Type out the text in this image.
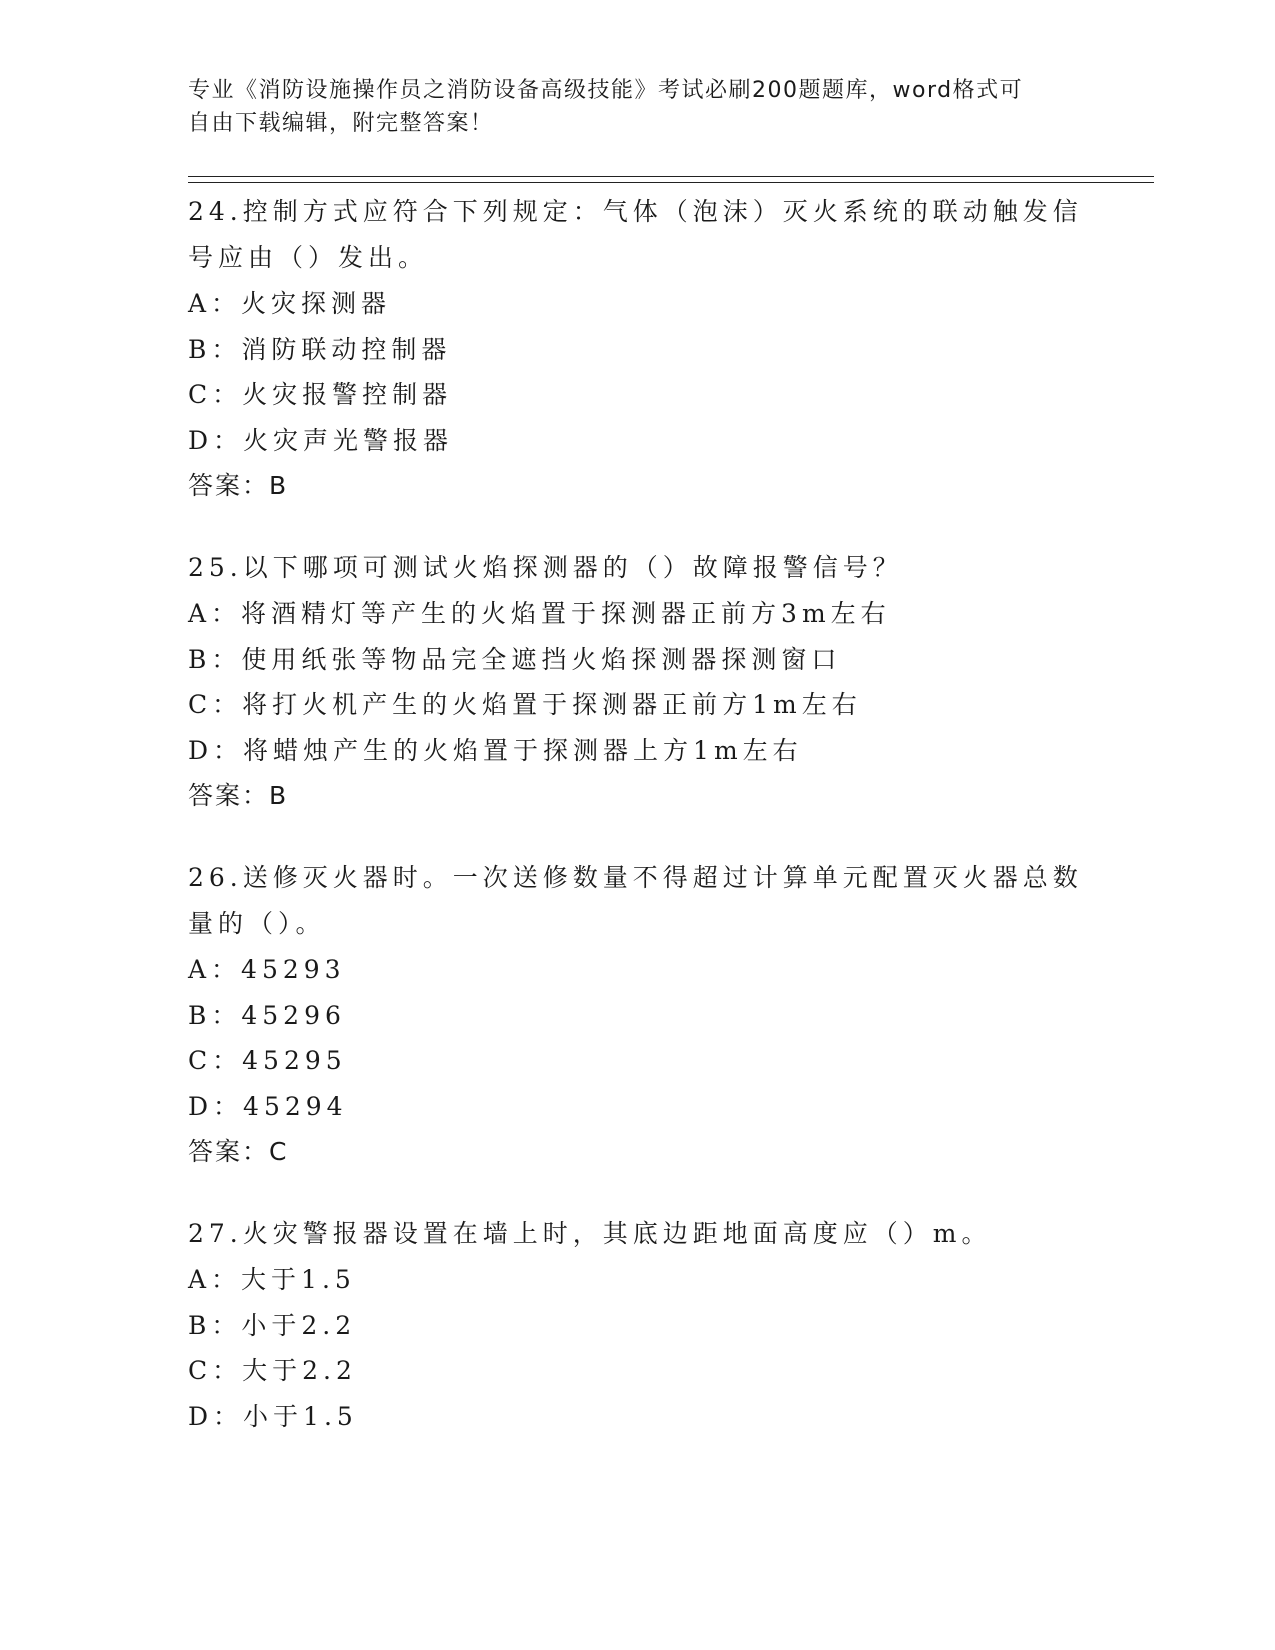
专业《消防设施操作员之消防设备高级技能》考试必刷200题题库，word格式可
自由下载编辑，附完整答案！
24.控制方式应符合下列规定：气体（泡沫）灭火系统的联动触发信号应由（）发出。
A：火灾探测器
B：消防联动控制器
C：火灾报警控制器
D：火灾声光警报器
答案：B
25.以下哪项可测试火焰探测器的（）故障报警信号？
A：将酒精灯等产生的火焰置于探测器正前方3m左右
B：使用纸张等物品完全遮挡火焰探测器探测窗口
C：将打火机产生的火焰置于探测器正前方1m左右
D：将蜡烛产生的火焰置于探测器上方1m左右
答案：B
26.送修灭火器时。一次送修数量不得超过计算单元配置灭火器总数量的（）。
A：45293
B：45296
C：45295
D：45294
答案：C
27.火灾警报器设置在墙上时，其底边距地面高度应（）m。
A：大于1.5
B：小于2.2
C：大于2.2
D：小于1.5
